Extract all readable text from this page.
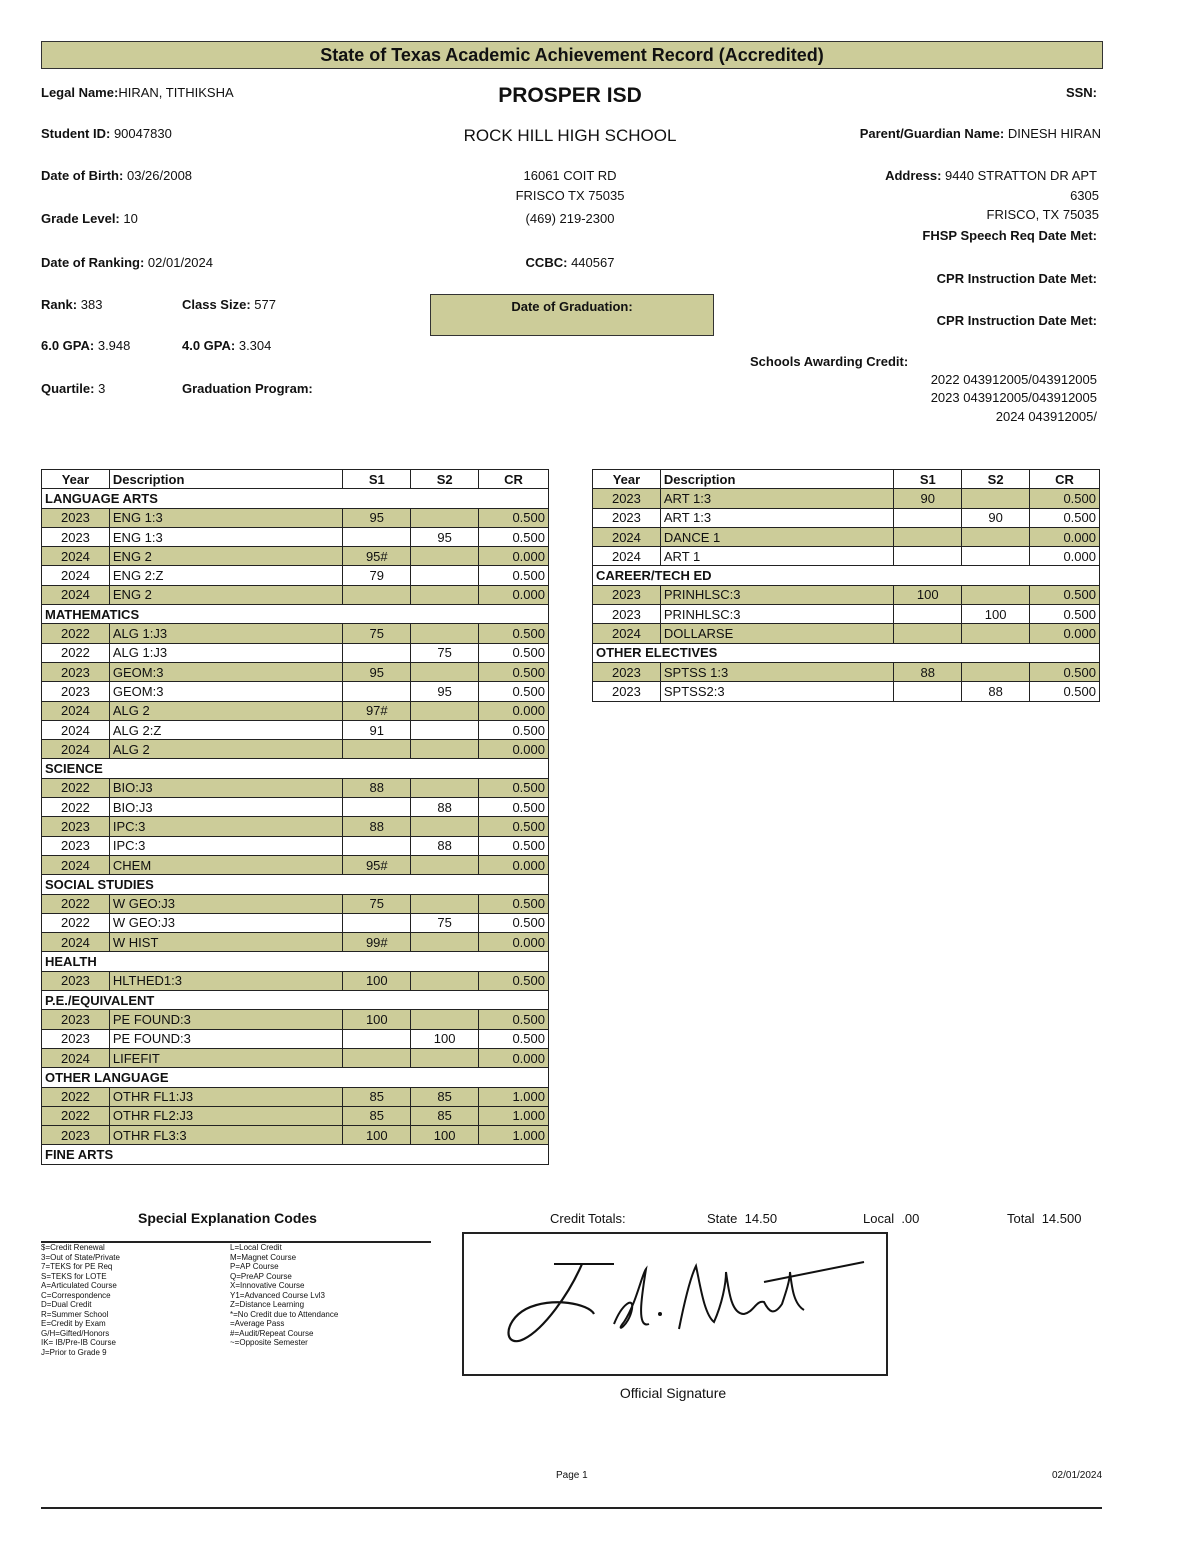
State of Texas Academic Achievement Record (Accredited)
Legal Name:HIRAN, TITHIKSHA
Student ID: 90047830
Date of Birth: 03/26/2008
Grade Level: 10
Date of Ranking: 02/01/2024
Rank: 383	Class Size: 577
6.0 GPA: 3.948	4.0 GPA: 3.304
Quartile: 3	Graduation Program:
PROSPER ISD
ROCK HILL HIGH SCHOOL
16061 COIT RD
FRISCO TX 75035
(469) 219-2300
CCBC: 440567
Date of Graduation:
SSN:
Parent/Guardian Name: DINESH HIRAN
Address: 9440 STRATTON DR APT
6305
FRISCO, TX 75035
FHSP Speech Req Date Met:
CPR Instruction Date Met:
CPR Instruction Date Met:
Schools Awarding Credit:
2022 043912005/043912005
2023 043912005/043912005
2024 043912005/
Year	Description	S1	S2	CR
LANGUAGE ARTS				
2023	ENG 1:3	95		0.500
2023	ENG 1:3		95	0.500
2024	ENG 2	95#		0.000
2024	ENG 2:Z	79		0.500
2024	ENG 2			0.000
MATHEMATICS				
2022	ALG 1:J3	75		0.500
2022	ALG 1:J3		75	0.500
2023	GEOM:3	95		0.500
2023	GEOM:3		95	0.500
2024	ALG 2	97#		0.000
2024	ALG 2:Z	91		0.500
2024	ALG 2			0.000
SCIENCE				
2022	BIO:J3	88		0.500
2022	BIO:J3		88	0.500
2023	IPC:3	88		0.500
2023	IPC:3		88	0.500
2024	CHEM	95#		0.000
SOCIAL STUDIES				
2022	W GEO:J3	75		0.500
2022	W GEO:J3		75	0.500
2024	W HIST	99#		0.000
HEALTH				
2023	HLTHED1:3	100		0.500
P.E./EQUIVALENT				
2023	PE FOUND:3	100		0.500
2023	PE FOUND:3		100	0.500
2024	LIFEFIT			0.000
OTHER LANGUAGE				
2022	OTHR FL1:J3	85	85	1.000
2022	OTHR FL2:J3	85	85	1.000
2023	OTHR FL3:3	100	100	1.000
FINE ARTS				
Year	Description	S1	S2	CR
2023	ART 1:3	90		0.500
2023	ART 1:3		90	0.500
2024	DANCE 1			0.000
2024	ART 1			0.000
CAREER/TECH ED				
2023	PRINHLSC:3	100		0.500
2023	PRINHLSC:3		100	0.500
2024	DOLLARSE			0.000
OTHER ELECTIVES				
2023	SPTSS 1:3	88		0.500
2023	SPTSS2:3		88	0.500
Special Explanation Codes
$=Credit Renewal
3=Out of State/Private
7=TEKS for PE Req
S=TEKS for LOTE
A=Articulated Course
C=Correspondence
D=Dual Credit
R=Summer School
E=Credit by Exam
G/H=Gifted/Honors
IK= IB/Pre-IB Course
J=Prior to Grade 9
L=Local Credit
M=Magnet Course
P=AP Course
Q=PreAP Course
X=Innovative Course
Y1=Advanced Course Lvl3
Z=Distance Learning
*=No Credit due to Attendance
=Average Pass
#=Audit/Repeat Course
~=Opposite Semester
Credit Totals:	State 14.50	Local .00	Total 14.500
Official Signature
Page 1	02/01/2024
